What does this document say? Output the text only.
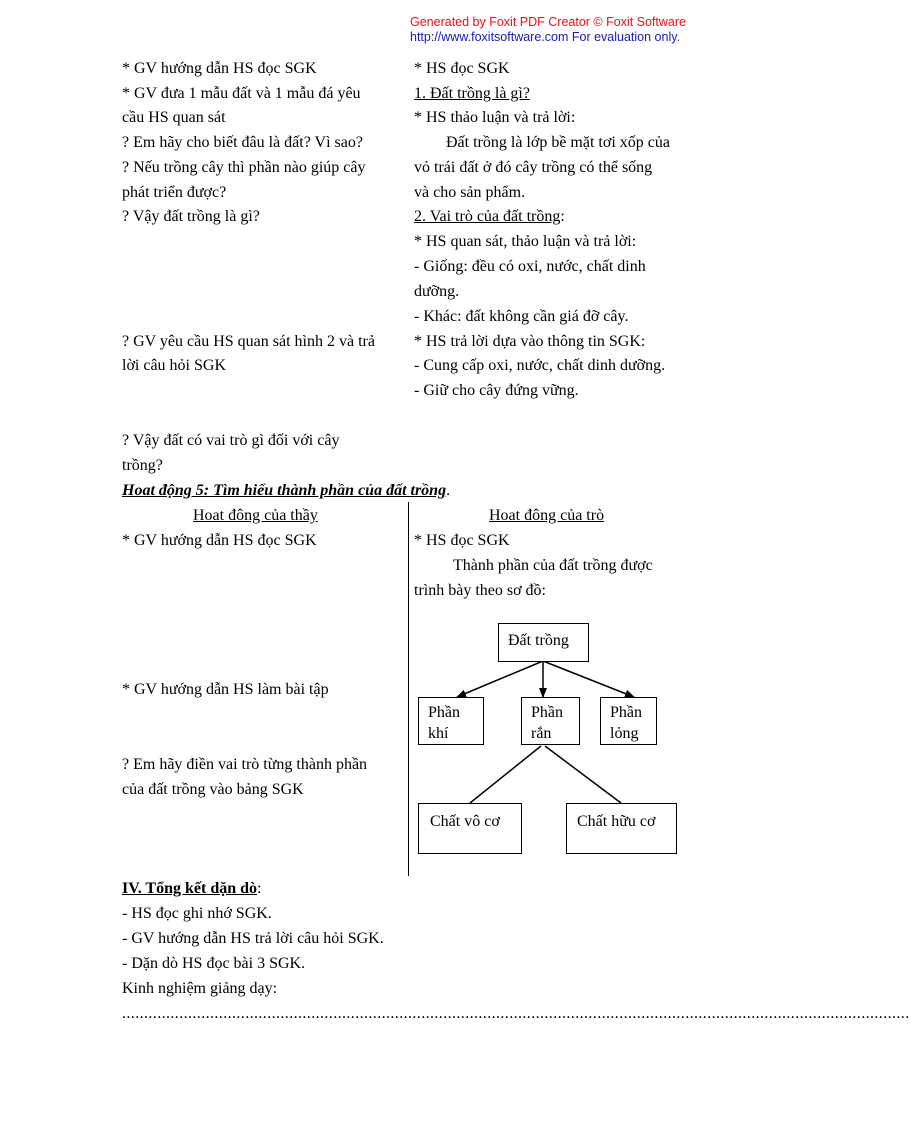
Generated by Foxit PDF Creator © Foxit Software
http://www.foxitsoftware.com For evaluation only.
* GV hướng dẫn HS đọc SGK
* GV đưa 1 mẫu đất và 1 mẫu đá yêu
cầu HS quan sát
? Em hãy cho biết đâu là đất? Vì sao?
? Nếu trồng cây thì phần nào giúp cây
phát triển được?
? Vậy đất trồng là gì?
? GV yêu cầu HS quan sát hình 2 và trả
lời câu hỏi SGK
? Vậy đất có vai trò gì đối với cây
trồng?
* HS đọc SGK
1. Đất trồng là gì?
* HS thảo luận và trả lời:
Đất trồng là lớp bề mặt tơi xốp của
vỏ trái đất ở đó cây trồng có thể sống
và cho sản phẩm.
2. Vai trò của đất trồng:
* HS quan sát, thảo luận và trả lời:
- Giống: đều có oxi, nước, chất dinh
dưỡng.
- Khác: đất không cần giá đỡ cây.
* HS trả lời dựa vào thông tin SGK:
- Cung cấp oxi, nước, chất dinh dưỡng.
- Giữ cho cây đứng vững.
Hoat động 5: Tìm hiểu thành phần của đất trồng.
Hoat đông của thầy	Hoat đông của trò
* GV hướng dẫn HS đọc SGK
* GV hướng dẫn HS làm bài tập
? Em hãy điền vai trò từng thành phần
của đất trồng vào bảng SGK
* HS đọc SGK
Thành phần của đất trồng được
trình bày theo sơ đồ:
Đất trồng
Phần
khí
Phần
rắn
Phần
lỏng
Chất vô cơ	Chất hữu cơ
IV. Tổng kết dặn dò:
- HS đọc ghi nhớ SGK.
- GV hướng dẫn HS trả lời câu hỏi SGK.
- Dặn dò HS đọc bài 3 SGK.
Kinh nghiệm giảng dạy:
...................................................................................................................................................................................
